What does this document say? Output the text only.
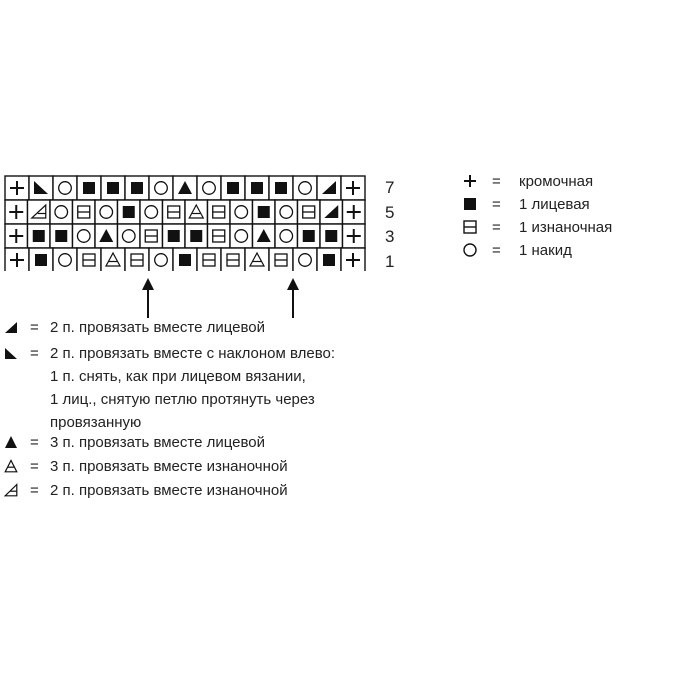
7
5
3
1
= кромочная
= 1 лицевая
= 1 изнаночная
= 1 накид
= 2 п. провязать вместе лицевой
= 2 п. провязать вместе с наклоном влево:
1 п. снять, как при лицевом вязании,
1 лиц., снятую петлю протянуть через
провязанную
= 3 п. провязать вместе лицевой
= 3 п. провязать вместе изнаночной
= 2 п. провязать вместе изнаночной
